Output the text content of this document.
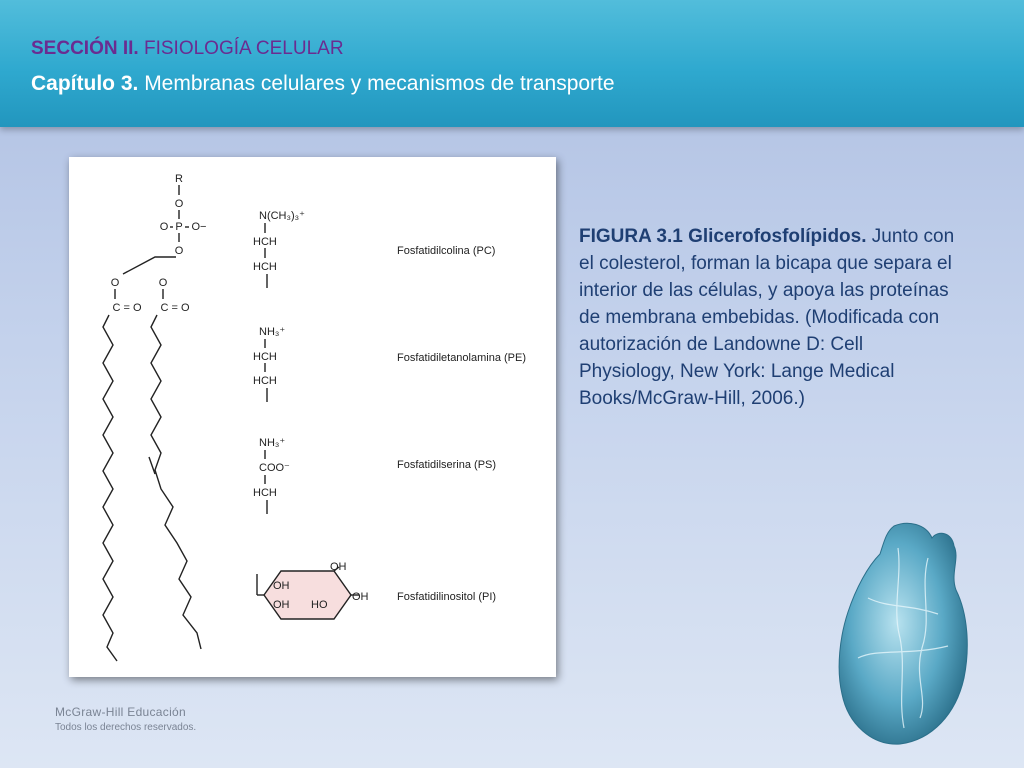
SECCIÓN II. FISIOLOGÍA CELULAR
Capítulo 3. Membranas celulares y mecanismos de transporte
R
O
O P O−
O
O	O
C = O C = O
N(CH₃)₃⁺
HCH
HCH
NH₃⁺
HCH
HCH
NH₃⁺
COO⁻
HCH
Fosfatidilcolina (PC)
Fosfatidiletanolamina (PE)
Fosfatidilserina (PS)
OH
OH
OH
OH HO
Fosfatidilinositol (PI)
FIGURA 3.1 Glicerofosfolípidos. Junto con el colesterol, forman la bicapa que separa el interior de las células, y apoya las proteínas de membrana embebidas. (Modificada con autorización de Landowne D: Cell Physiology, New York: Lange Medical Books/McGraw-Hill, 2006.)
McGraw-Hill Educación
Todos los derechos reservados.
